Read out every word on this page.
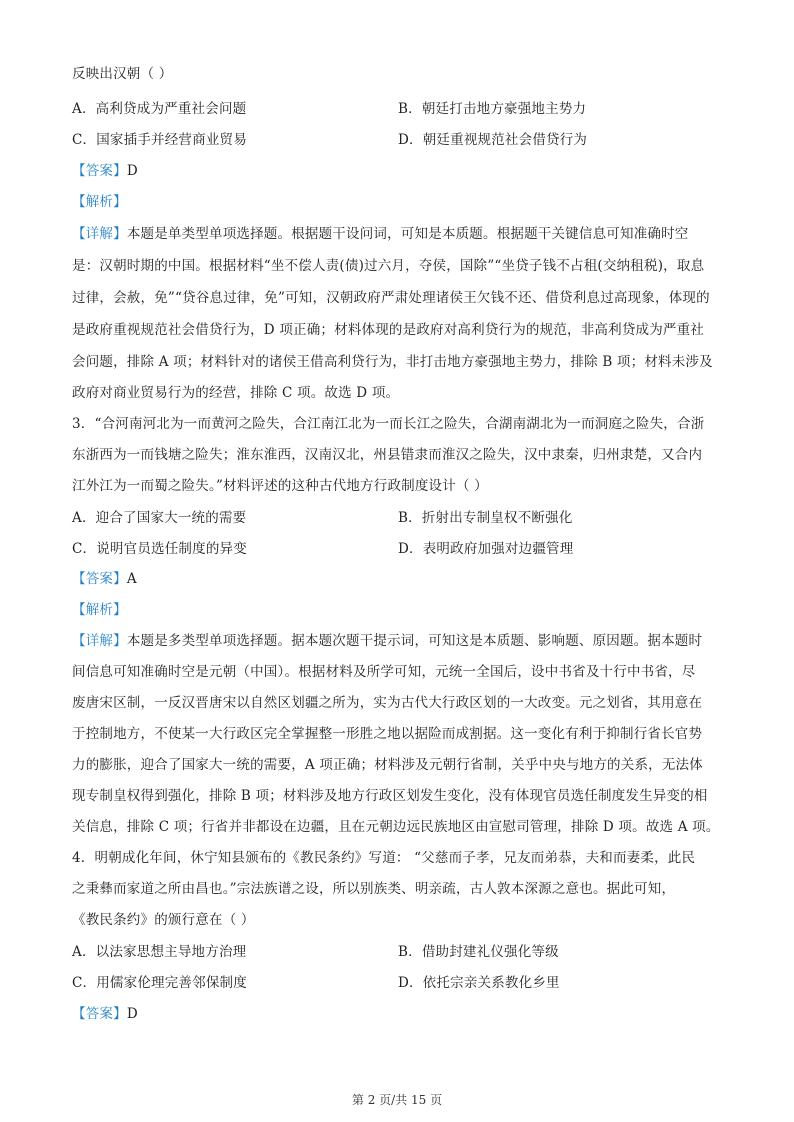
反映出汉朝（ ）
A．高利贷成为严重社会问题	B．朝廷打击地方豪强地主势力
C．国家插手并经营商业贸易	D．朝廷重视规范社会借贷行为
【答案】D
【解析】
【详解】本题是单类型单项选择题。根据题干设问词，可知是本质题。根据题干关键信息可知准确时空
是：汉朝时期的中国。根据材料“坐不偿人责(债)过六月，夺侯，国除”“坐贷子钱不占租(交纳租税)，取息
过律，会赦，免”“贷谷息过律，免”可知，汉朝政府严肃处理诸侯王欠钱不还、借贷利息过高现象，体现的
是政府重视规范社会借贷行为，D 项正确；材料体现的是政府对高利贷行为的规范，非高利贷成为严重社
会问题，排除 A 项；材料针对的诸侯王借高利贷行为，非打击地方豪强地主势力，排除 B 项；材料未涉及
政府对商业贸易行为的经营，排除 C 项。故选 D 项。
3．“合河南河北为一而黄河之险失，合江南江北为一而长江之险失，合湖南湖北为一而洞庭之险失，合浙
东浙西为一而钱塘之险失；淮东淮西，汉南汉北，州县错隶而淮汉之险失，汉中隶秦，归州隶楚，又合内
江外江为一而蜀之险失。”材料评述的这种古代地方行政制度设计（ ）
A．迎合了国家大一统的需要	B．折射出专制皇权不断强化
C．说明官员选任制度的异变	D．表明政府加强对边疆管理
【答案】A
【解析】
【详解】本题是多类型单项选择题。据本题次题干提示词，可知这是本质题、影响题、原因题。据本题时
间信息可知准确时空是元朝（中国）。根据材料及所学可知，元统一全国后，设中书省及十行中书省，尽
废唐宋区制，一反汉晋唐宋以自然区划疆之所为，实为古代大行政区划的一大改变。元之划省，其用意在
于控制地方，不使某一大行政区完全掌握整一形胜之地以据险而成割据。这一变化有利于抑制行省长官势
力的膨胀，迎合了国家大一统的需要，A 项正确；材料涉及元朝行省制，关乎中央与地方的关系，无法体
现专制皇权得到强化，排除 B 项；材料涉及地方行政区划发生变化，没有体现官员选任制度发生异变的相
关信息，排除 C 项；行省并非都设在边疆，且在元朝边远民族地区由宣慰司管理，排除 D 项。故选 A 项。
4．明朝成化年间，休宁知县颁布的《教民条约》写道： “父慈而子孝，兄友而弟恭，夫和而妻柔，此民
之秉彝而家道之所由昌也。”宗法族谱之设，所以别族类、明亲疏，古人敦本深源之意也。据此可知，
《教民条约》的颁行意在（ ）
A．以法家思想主导地方治理	B．借助封建礼仪强化等级
C．用儒家伦理完善邻保制度	D．依托宗亲关系教化乡里
【答案】D
第 2 页/共 15 页
